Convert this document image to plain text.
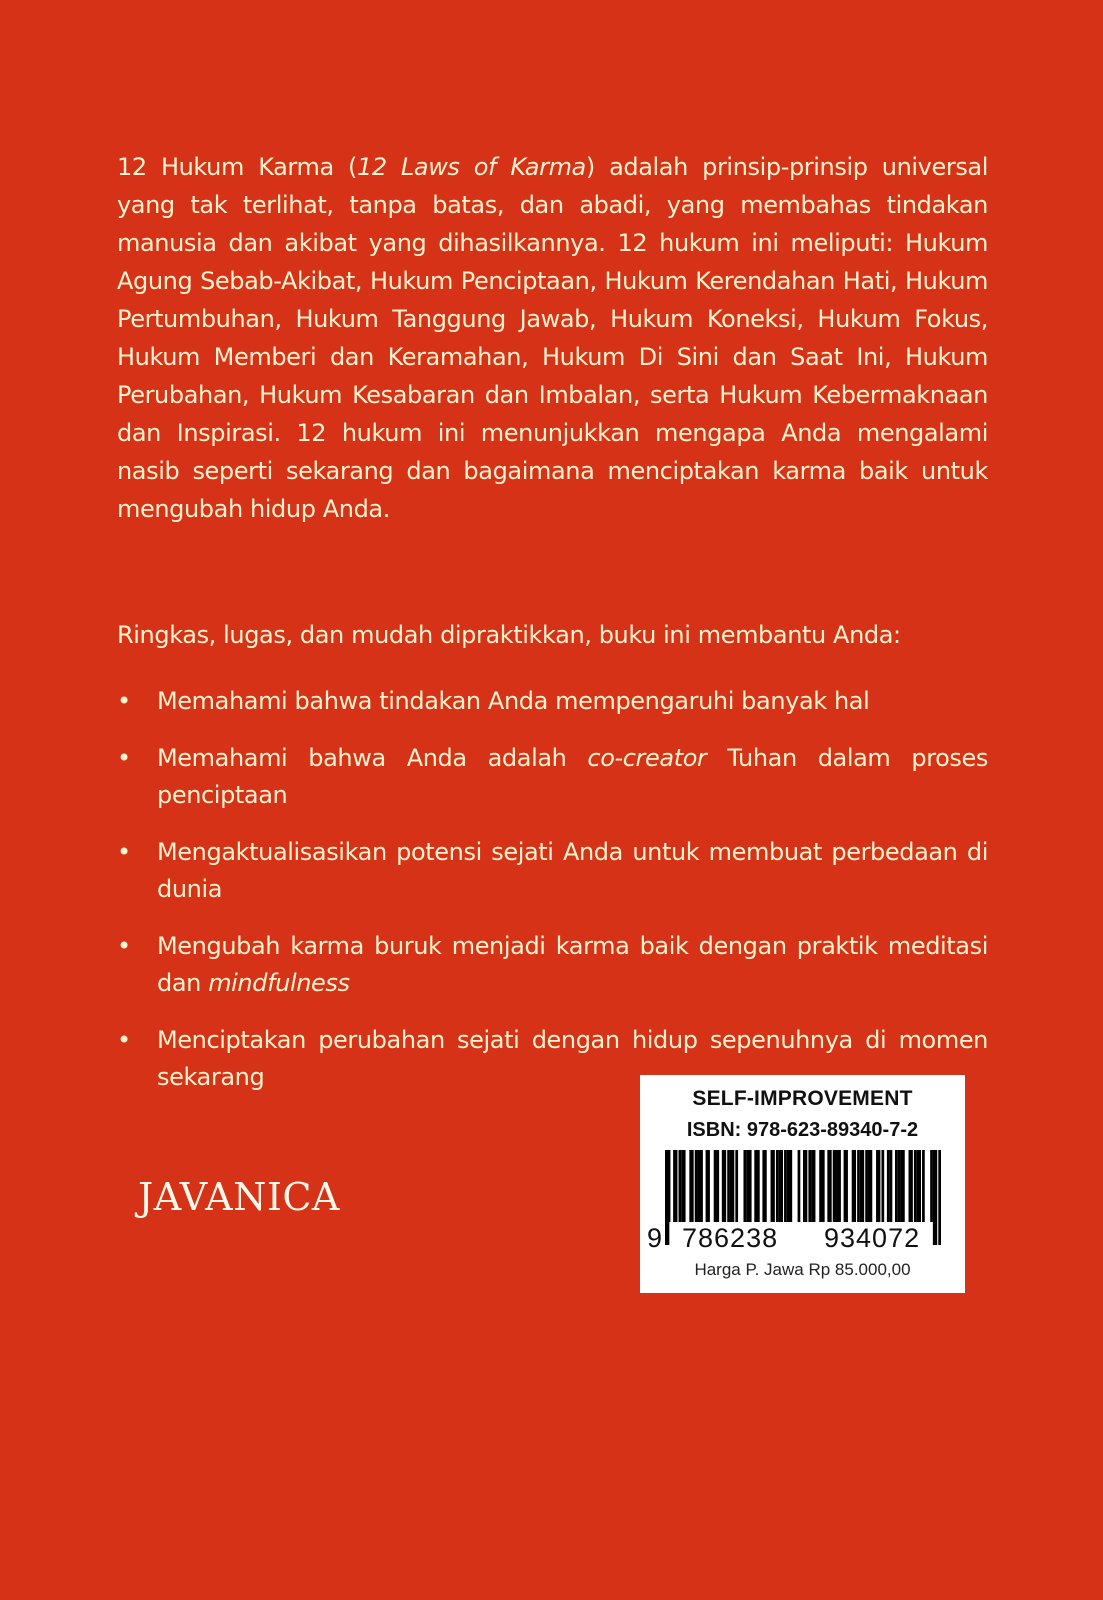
12 Hukum Karma (12 Laws of Karma) adalah prinsip-prinsip universal yang tak terlihat, tanpa batas, dan abadi, yang membahas tindakan manusia dan akibat yang dihasilkannya. 12 hukum ini meliputi: Hukum Agung Sebab-Akibat, Hukum Penciptaan, Hukum Kerendahan Hati, Hukum Pertumbuhan, Hukum Tanggung Jawab, Hukum Koneksi, Hukum Fokus, Hukum Memberi dan Keramahan, Hukum Di Sini dan Saat Ini, Hukum Perubahan, Hukum Kesabaran dan Imbalan, serta Hukum Kebermaknaan dan Inspirasi. 12 hukum ini menunjukkan mengapa Anda mengalami nasib seperti sekarang dan bagaimana menciptakan karma baik untuk mengubah hidup Anda.

Ringkas, lugas, dan mudah dipraktikkan, buku ini membantu Anda:

• Memahami bahwa tindakan Anda mempengaruhi banyak hal
• Memahami bahwa Anda adalah co-creator Tuhan dalam proses penciptaan
• Mengaktualisasikan potensi sejati Anda untuk membuat perbedaan di dunia
• Mengubah karma buruk menjadi karma baik dengan praktik meditasi dan mindfulness
• Menciptakan perubahan sejati dengan hidup sepenuhnya di momen sekarang
JAVANICA
SELF-IMPROVEMENT
ISBN: 978-623-89340-7-2
9 786238 934072
Harga P. Jawa Rp 85.000,00
